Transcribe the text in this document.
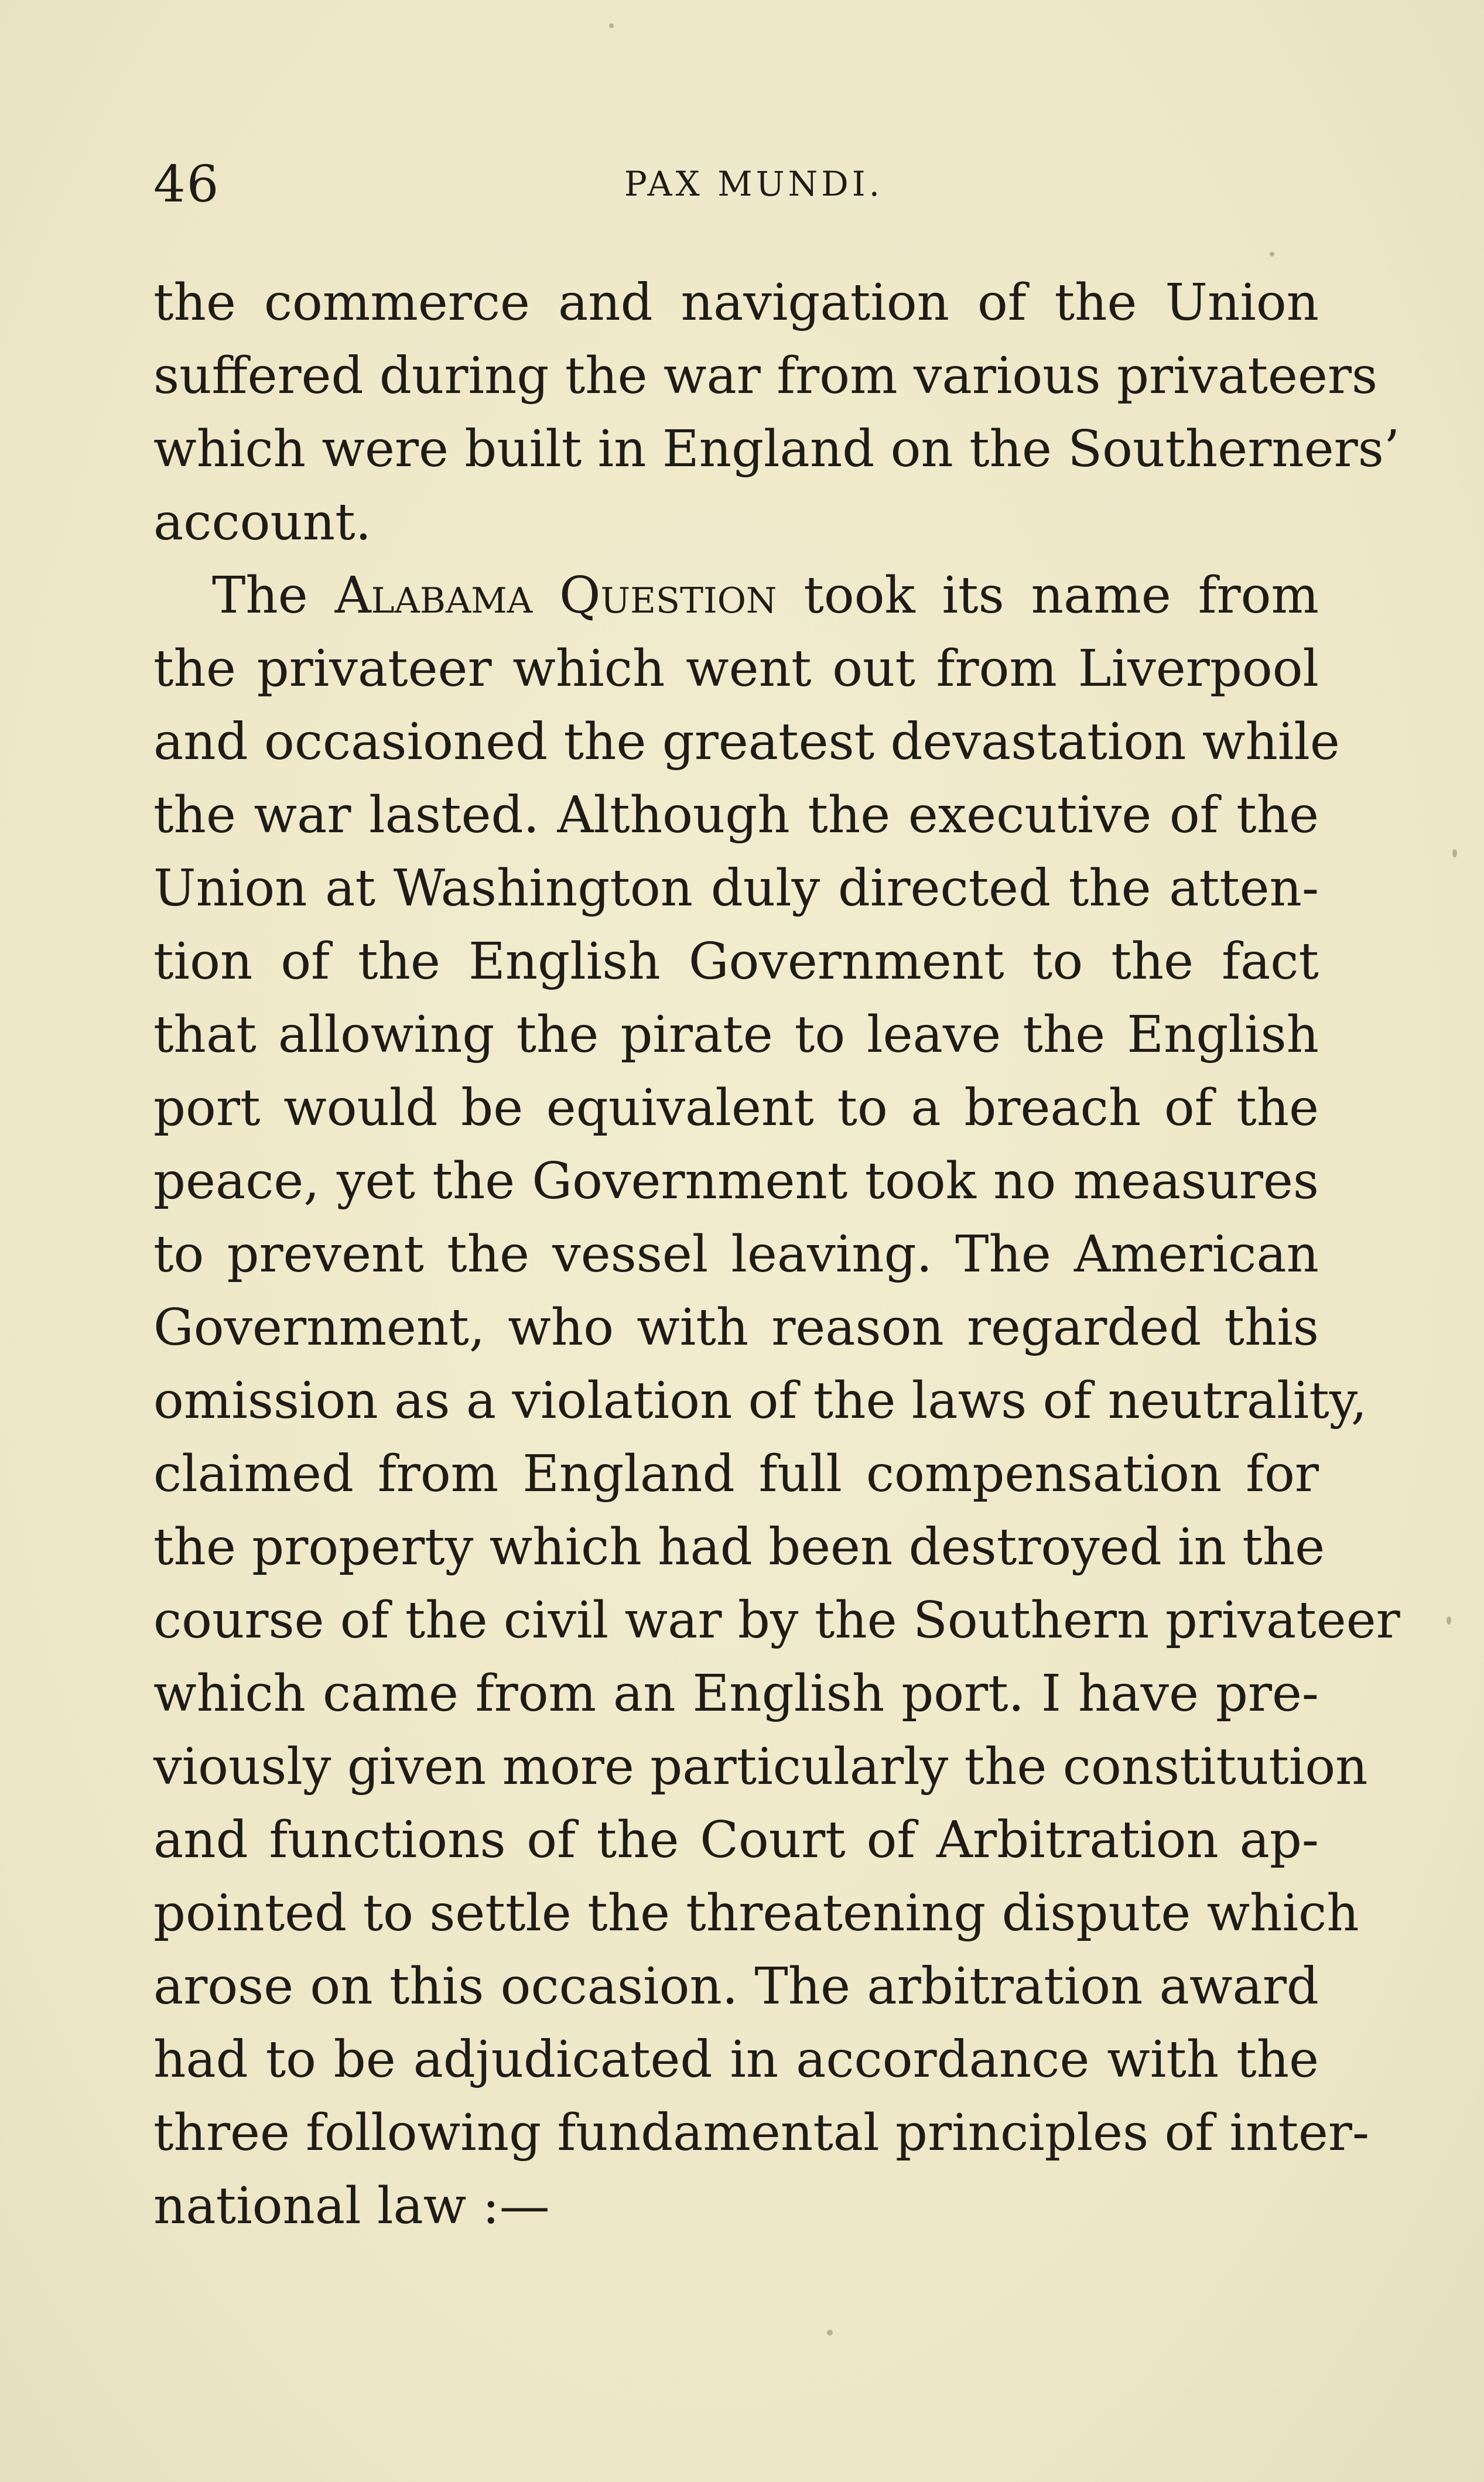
46	PAX MUNDI.
the commerce and navigation of the Union
suffered during the war from various privateers
which were built in England on the Southerners’
account.
The Alabama Question took its name from
the privateer which went out from Liverpool
and occasioned the greatest devastation while
the war lasted. Although the executive of the
Union at Washington duly directed the atten-
tion of the English Government to the fact
that allowing the pirate to leave the English
port would be equivalent to a breach of the
peace, yet the Government took no measures
to prevent the vessel leaving. The American
Government, who with reason regarded this
omission as a violation of the laws of neutrality,
claimed from England full compensation for
the property which had been destroyed in the
course of the civil war by the Southern privateer
which came from an English port. I have pre-
viously given more particularly the constitution
and functions of the Court of Arbitration ap-
pointed to settle the threatening dispute which
arose on this occasion. The arbitration award
had to be adjudicated in accordance with the
three following fundamental principles of inter-
national law :—
